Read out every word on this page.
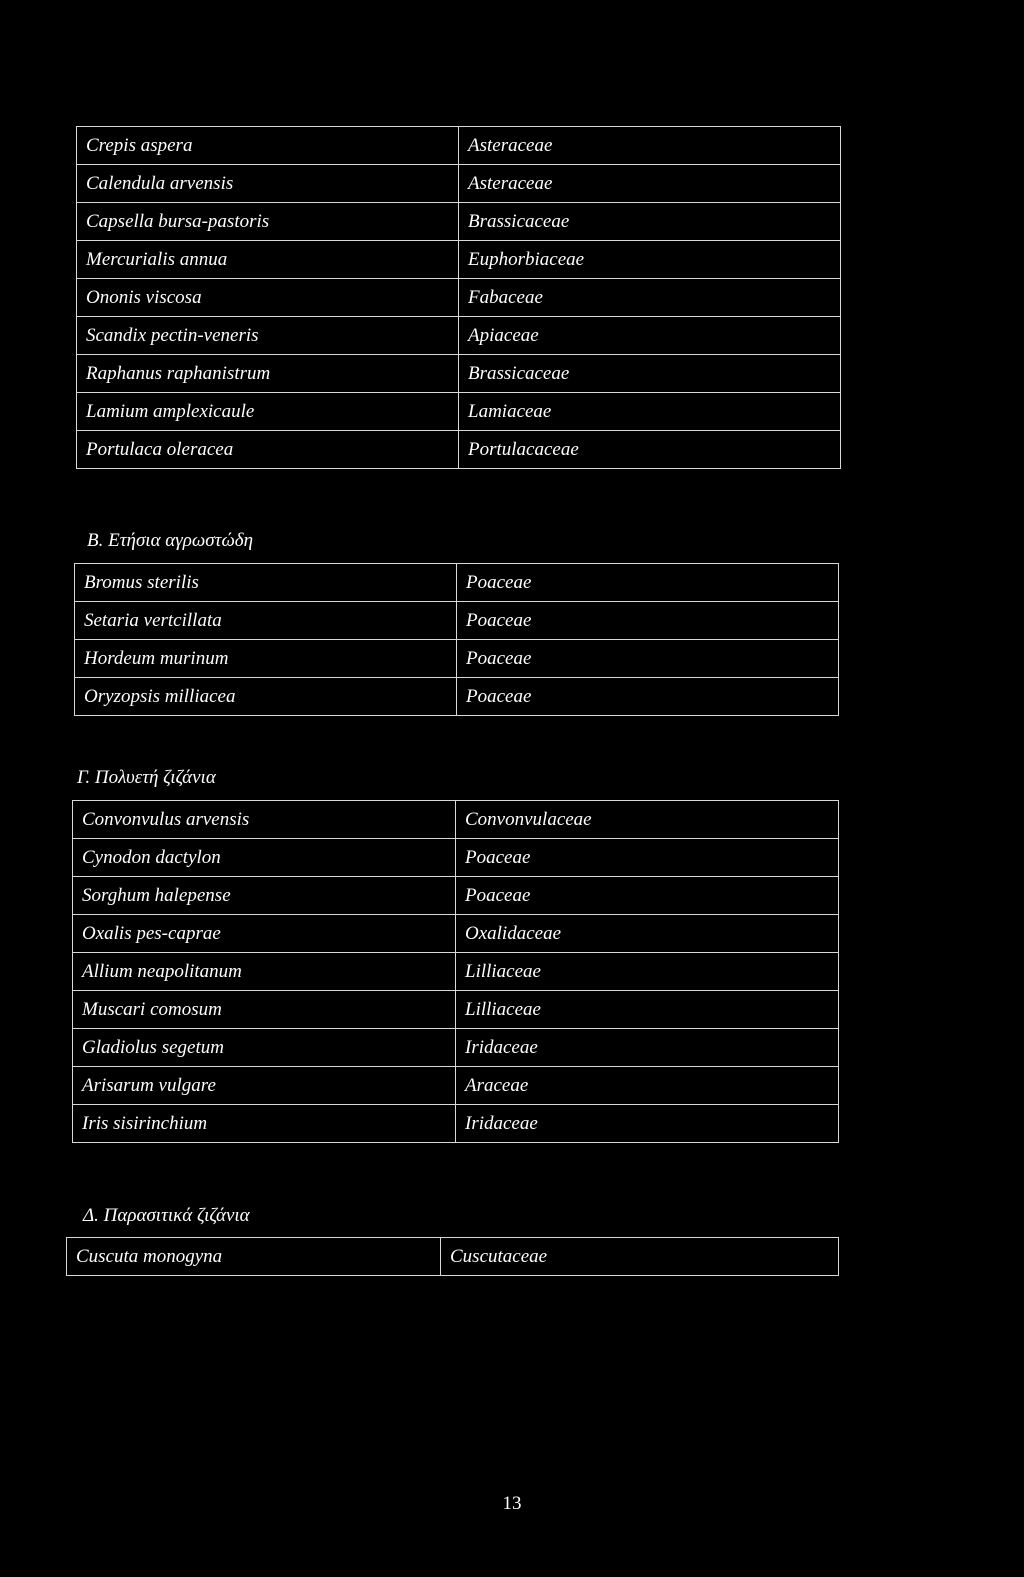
Crepis aspera	Asteraceae
Calendula arvensis	Asteraceae
Capsella bursa-pastoris	Brassicaceae
Mercurialis annua	Euphorbiaceae
Ononis viscosa	Fabaceae
Scandix pectin-veneris	Apiaceae
Raphanus raphanistrum	Brassicaceae
Lamium amplexicaule	Lamiaceae
Portulaca oleracea	Portulacaceae
Β. Ετήσια αγρωστώδη
Bromus sterilis	Poaceae
Setaria vertcillata	Poaceae
Hordeum murinum	Poaceae
Oryzopsis milliacea	Poaceae
Γ. Πολυετή ζιζάνια
Convonvulus arvensis	Convonvulaceae
Cynodon dactylon	Poaceae
Sorghum halepense	Poaceae
Oxalis pes-caprae	Oxalidaceae
Allium neapolitanum	Lilliaceae
Muscari comosum	Lilliaceae
Gladiolus segetum	Iridaceae
Arisarum vulgare	Araceae
Iris sisirinchium	Iridaceae
Δ. Παρασιτικά ζιζάνια
Cuscuta monogyna	Cuscutaceae
13
